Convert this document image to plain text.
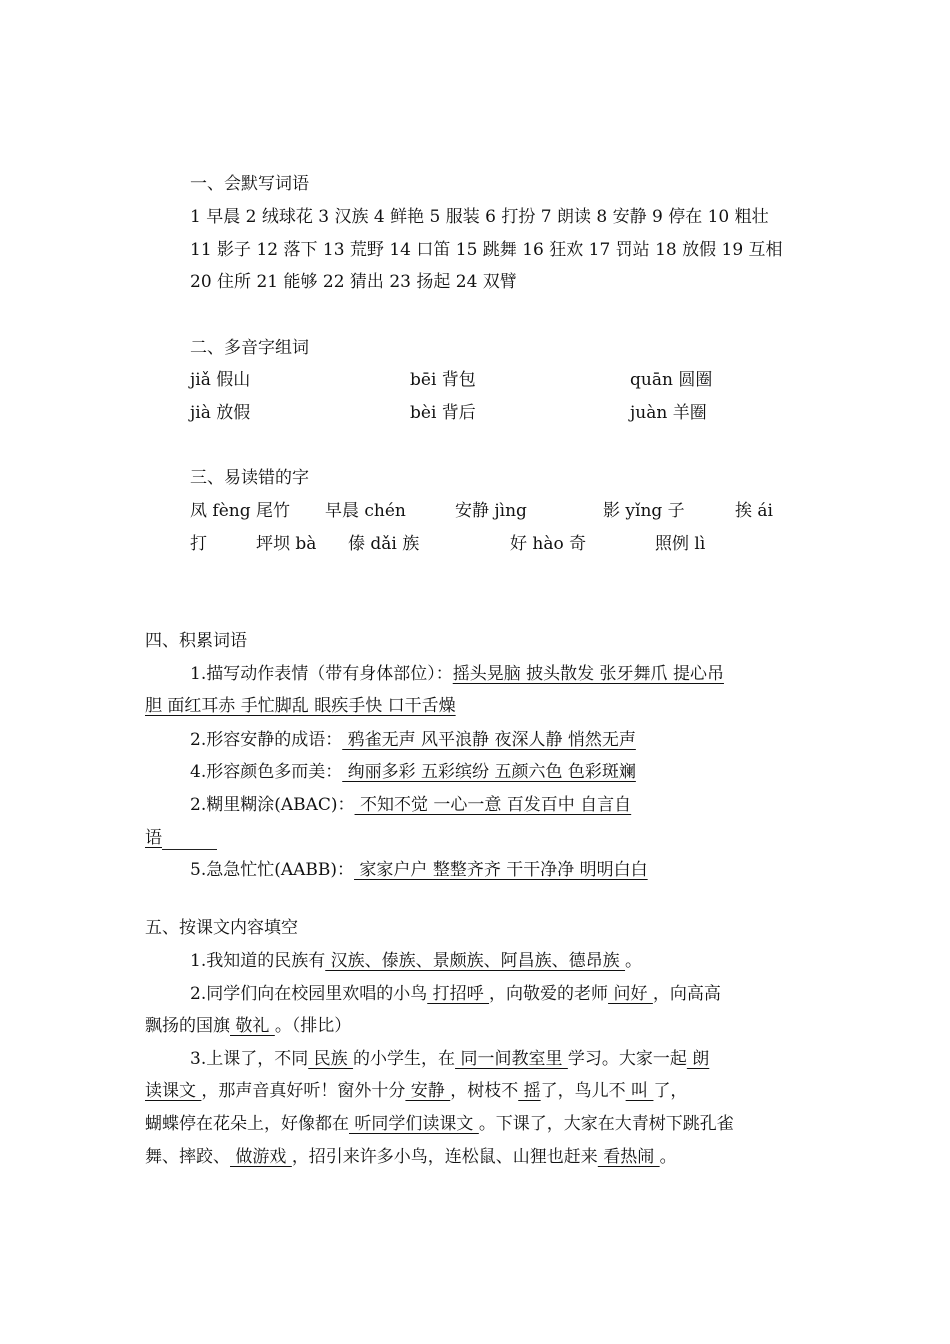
一、会默写词语
1 早晨 2 绒球花 3 汉族 4 鲜艳 5 服装 6 打扮 7 朗读 8 安静 9 停在 10 粗壮
11 影子 12 落下 13 荒野 14 口笛 15 跳舞 16 狂欢 17 罚站 18 放假 19 互相
20 住所 21 能够 22 猜出 23 扬起 24 双臂
二、多音字组词
jiǎ 假山	bēi 背包	quān 圆圈
jià 放假	bèi 背后	juàn 羊圈
三、易读错的字
凤 fèng 尾竹 早晨 chén	安静 jìng	影 yǐng 子	挨 ái
打	坪坝 bà 傣 dǎi 族	好 hào 奇	照例 lì
四、积累词语
1.描写动作表情（带有身体部位）：摇头晃脑 披头散发 张牙舞爪 提心吊
胆 面红耳赤 手忙脚乱 眼疾手快 口干舌燥
2.形容安静的成语： 鸦雀无声 风平浪静 夜深人静 悄然无声
4.形容颜色多而美： 绚丽多彩 五彩缤纷 五颜六色 色彩斑斓
2.糊里糊涂(ABAC)： 不知不觉 一心一意 百发百中 自言自
语
5.急急忙忙(AABB)： 家家户户 整整齐齐 干干净净 明明白白
五、按课文内容填空
1.我知道的民族有 汉族、傣族、景颇族、阿昌族、德昂族 。
2.同学们向在校园里欢唱的小鸟 打招呼 ，向敬爱的老师 问好 ，向高高
飘扬的国旗 敬礼 。（排比）
3.上课了，不同 民族 的小学生，在 同一间教室里 学习。大家一起 朗
读课文 ，那声音真好听！窗外十分 安静 ，树枝不 摇了，鸟儿不 叫 了，
蝴蝶停在花朵上，好像都在 听同学们读课文 。下课了，大家在大青树下跳孔雀
舞、摔跤、 做游戏 ，招引来许多小鸟，连松鼠、山狸也赶来 看热闹 。
